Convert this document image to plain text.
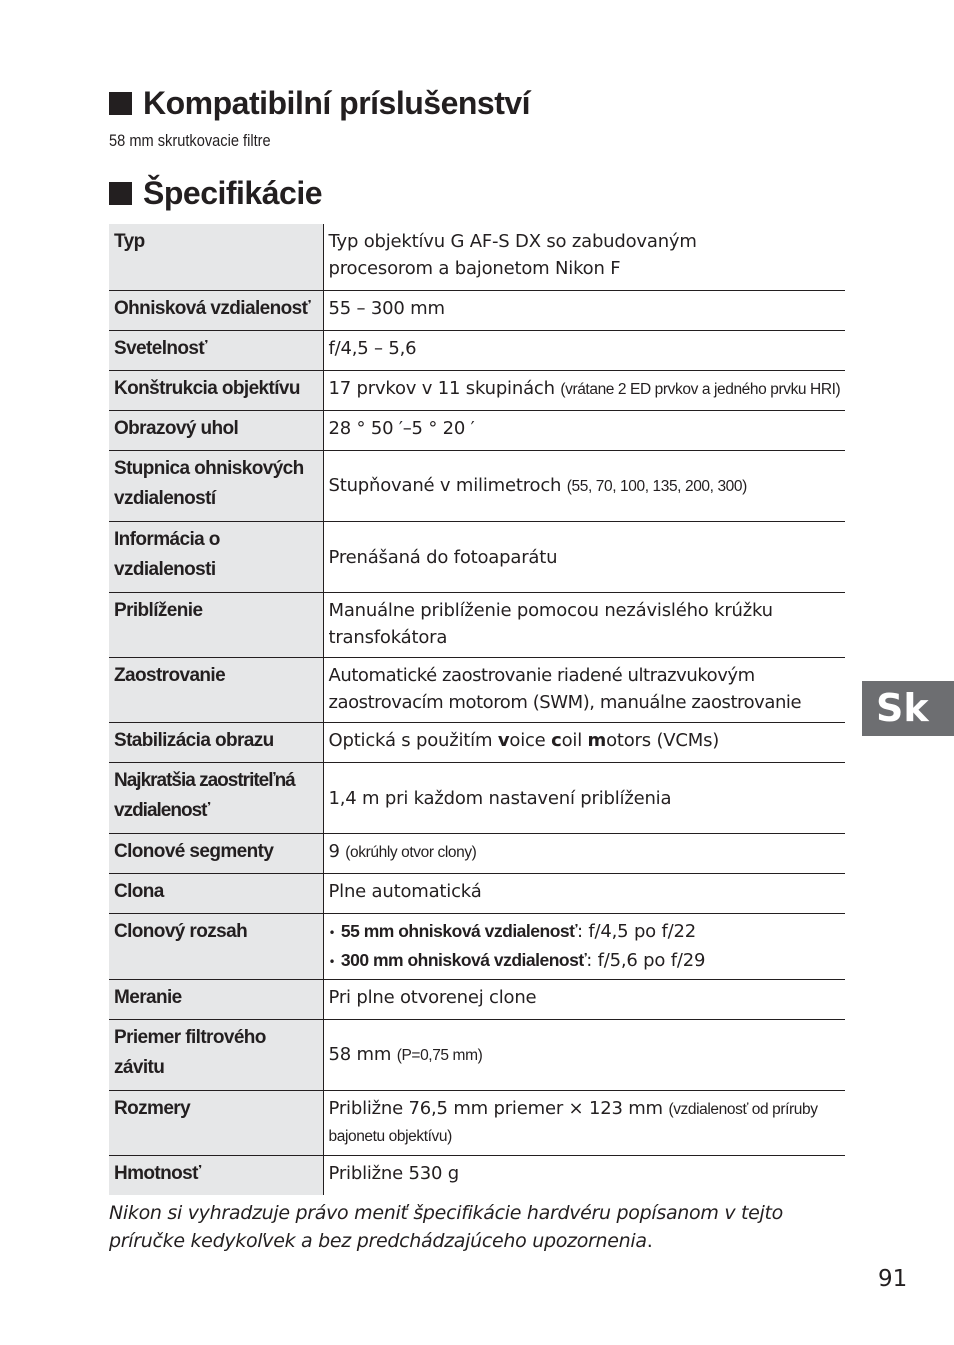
Kompatibilní príslušenství
58 mm skrutkovacie filtre
Špecifikácie
Typ	Typ objektívu G AF-S DX so zabudovaným
procesorom a bajonetom Nikon F

Ohnisková vzdialenosť	55 – 300 mm

Svetelnosť	f/4,5 – 5,6

Konštrukcia objektívu	17 prvkov v 11 skupinách (vrátane 2 ED prvkov a jedného prvku HRI)

Obrazový uhol	28 ° 50 ′–5 ° 20 ′

Stupnica ohniskových
vzdialeností	Stupňované v milimetroch (55, 70, 100, 135, 200, 300)

Informácia o
vzdialenosti	Prenášaná do fotoaparátu

Priblíženie	Manuálne priblíženie pomocou nezávislého krúžku
transfokátora

Zaostrovanie	Automatické zaostrovanie riadené ultrazvukovým
zaostrovacím motorom (SWM), manuálne zaostrovanie

Stabilizácia obrazu	Optická s použitím voice coil motors (VCMs)

Najkratšia zaostriteľná
vzdialenosť	1,4 m pri každom nastavení priblíženia

Clonové segmenty	9 (okrúhly otvor clony)

Clona	Plne automatická

Clonový rozsah	• 55 mm ohnisková vzdialenosť: f/4,5 po f/22
• 300 mm ohnisková vzdialenosť: f/5,6 po f/29

Meranie	Pri plne otvorenej clone

Priemer filtrového
závitu	58 mm (P=0,75 mm)

Rozmery	Približne 76,5 mm priemer × 123 mm (vzdialenosť od príruby
bajonetu objektívu)

Hmotnosť	Približne 530 g
Nikon si vyhradzuje právo meniť špecifikácie hardvéru popísanom v tejto
príručke kedykoľvek a bez predchádzajúceho upozornenia.
Sk
91
